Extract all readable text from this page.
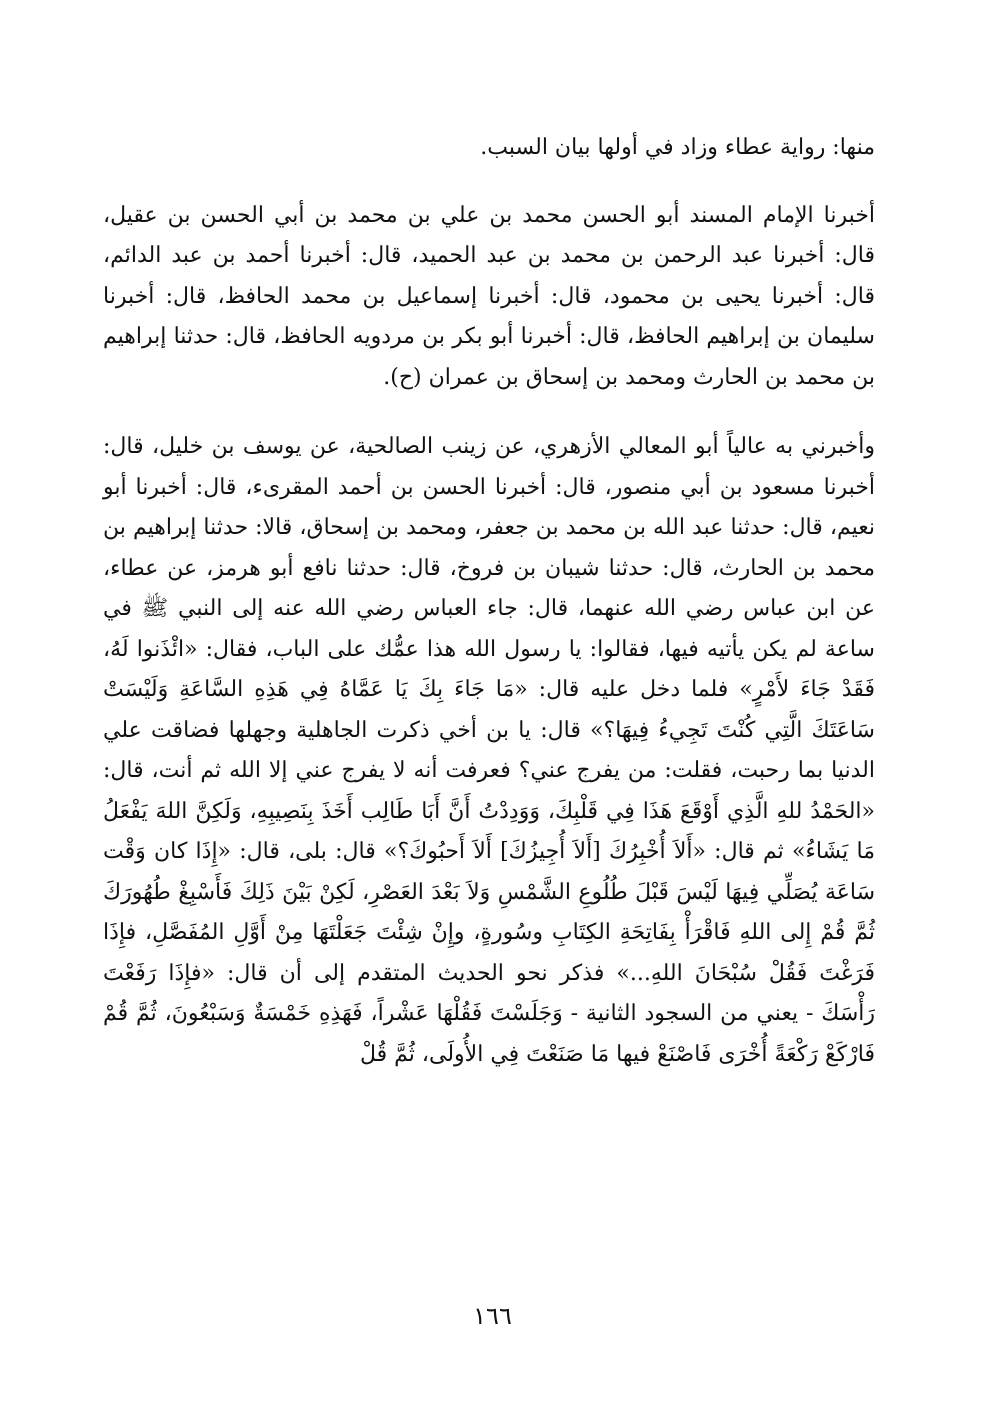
منها: رواية عطاء وزاد في أولها بيان السبب.

أخبرنا الإمام المسند أبو الحسن محمد بن علي بن محمد بن أبي الحسن بن عقيل، قال: أخبرنا عبد الرحمن بن محمد بن عبد الحميد، قال: أخبرنا أحمد بن عبد الدائم، قال: أخبرنا يحيى بن محمود، قال: أخبرنا إسماعيل بن محمد الحافظ، قال: أخبرنا سليمان بن إبراهيم الحافظ، قال: أخبرنا أبو بكر بن مردويه الحافظ، قال: حدثنا إبراهيم بن محمد بن الحارث ومحمد بن إسحاق بن عمران (ح).

وأخبرني به عالياً أبو المعالي الأزهري، عن زينب الصالحية، عن يوسف بن خليل، قال: أخبرنا مسعود بن أبي منصور، قال: أخبرنا الحسن بن أحمد المقرىء، قال: أخبرنا أبو نعيم، قال: حدثنا عبد الله بن محمد بن جعفر، ومحمد بن إسحاق، قالا: حدثنا إبراهيم بن محمد بن الحارث، قال: حدثنا شيبان بن فروخ، قال: حدثنا نافع أبو هرمز، عن عطاء، عن ابن عباس رضي الله عنهما، قال: جاء العباس رضي الله عنه إلى النبي ﷺ في ساعة لم يكن يأتيه فيها، فقالوا: يا رسول الله هذا عمُّك على الباب، فقال: «ائْذَنوا لَهُ، فَقَدْ جَاءَ لأَمْرٍ» فلما دخل عليه قال: «مَا جَاءَ بِكَ يَا عَمَّاهُ فِي هَذِهِ السَّاعَةِ وَلَيْسَتْ سَاعَتَكَ الَّتِي كُنْتَ تَجِيءُ فِيهَا؟» قال: يا بن أخي ذكرت الجاهلية وجهلها فضاقت علي الدنيا بما رحبت، فقلت: من يفرج عني؟ فعرفت أنه لا يفرج عني إلا الله ثم أنت، قال: «الحَمْدُ للهِ الَّذِي أَوْقَعَ هَذَا فِي قَلْبِكَ، وَوَدِدْتُ أَنَّ أَبَا طَالِب أَخَذَ بِنَصِيبِهِ، وَلَكِنَّ اللهَ يَفْعَلُ مَا يَشَاءُ» ثم قال: «أَلاَ أُخْبِرُكَ [أَلاَ أُجِيزُكَ] أَلاَ أَحبُوكَ؟» قال: بلى، قال: «إِذَا كان وَقْت سَاعَة يُصَلِّي فِيهَا لَيْسَ قَبْلَ طُلُوعِ الشَّمْسِ وَلاَ بَعْدَ العَصْرِ، لَكِنْ بَيْنَ ذَلِكَ فَأَسْبِغْ طُهُورَكَ ثُمَّ قُمْ إِلى اللهِ فَاقْرَأْ بِفَاتِحَةِ الكِتَابِ وسُورةٍ، وإِنْ شِئْتَ جَعَلْتَهَا مِنْ أَوَّلِ المُفَصَّلِ، فإِذَا فَرَغْتَ فَقُلْ سُبْحَانَ اللهِ...» فذكر نحو الحديث المتقدم إلى أن قال: «فإِذَا رَفَعْتَ رَأْسَكَ - يعني من السجود الثانية - وَجَلَسْتَ فَقُلْهَا عَشْراً، فَهَذِهِ خَمْسَةٌ وَسَبْعُونَ، ثُمَّ قُمْ فَارْكَعْ رَكْعَةً أُخْرَى فَاصْنَعْ فيها مَا صَنَعْتَ فِي الأُولَى، ثُمَّ قُلْ

١٦٦
